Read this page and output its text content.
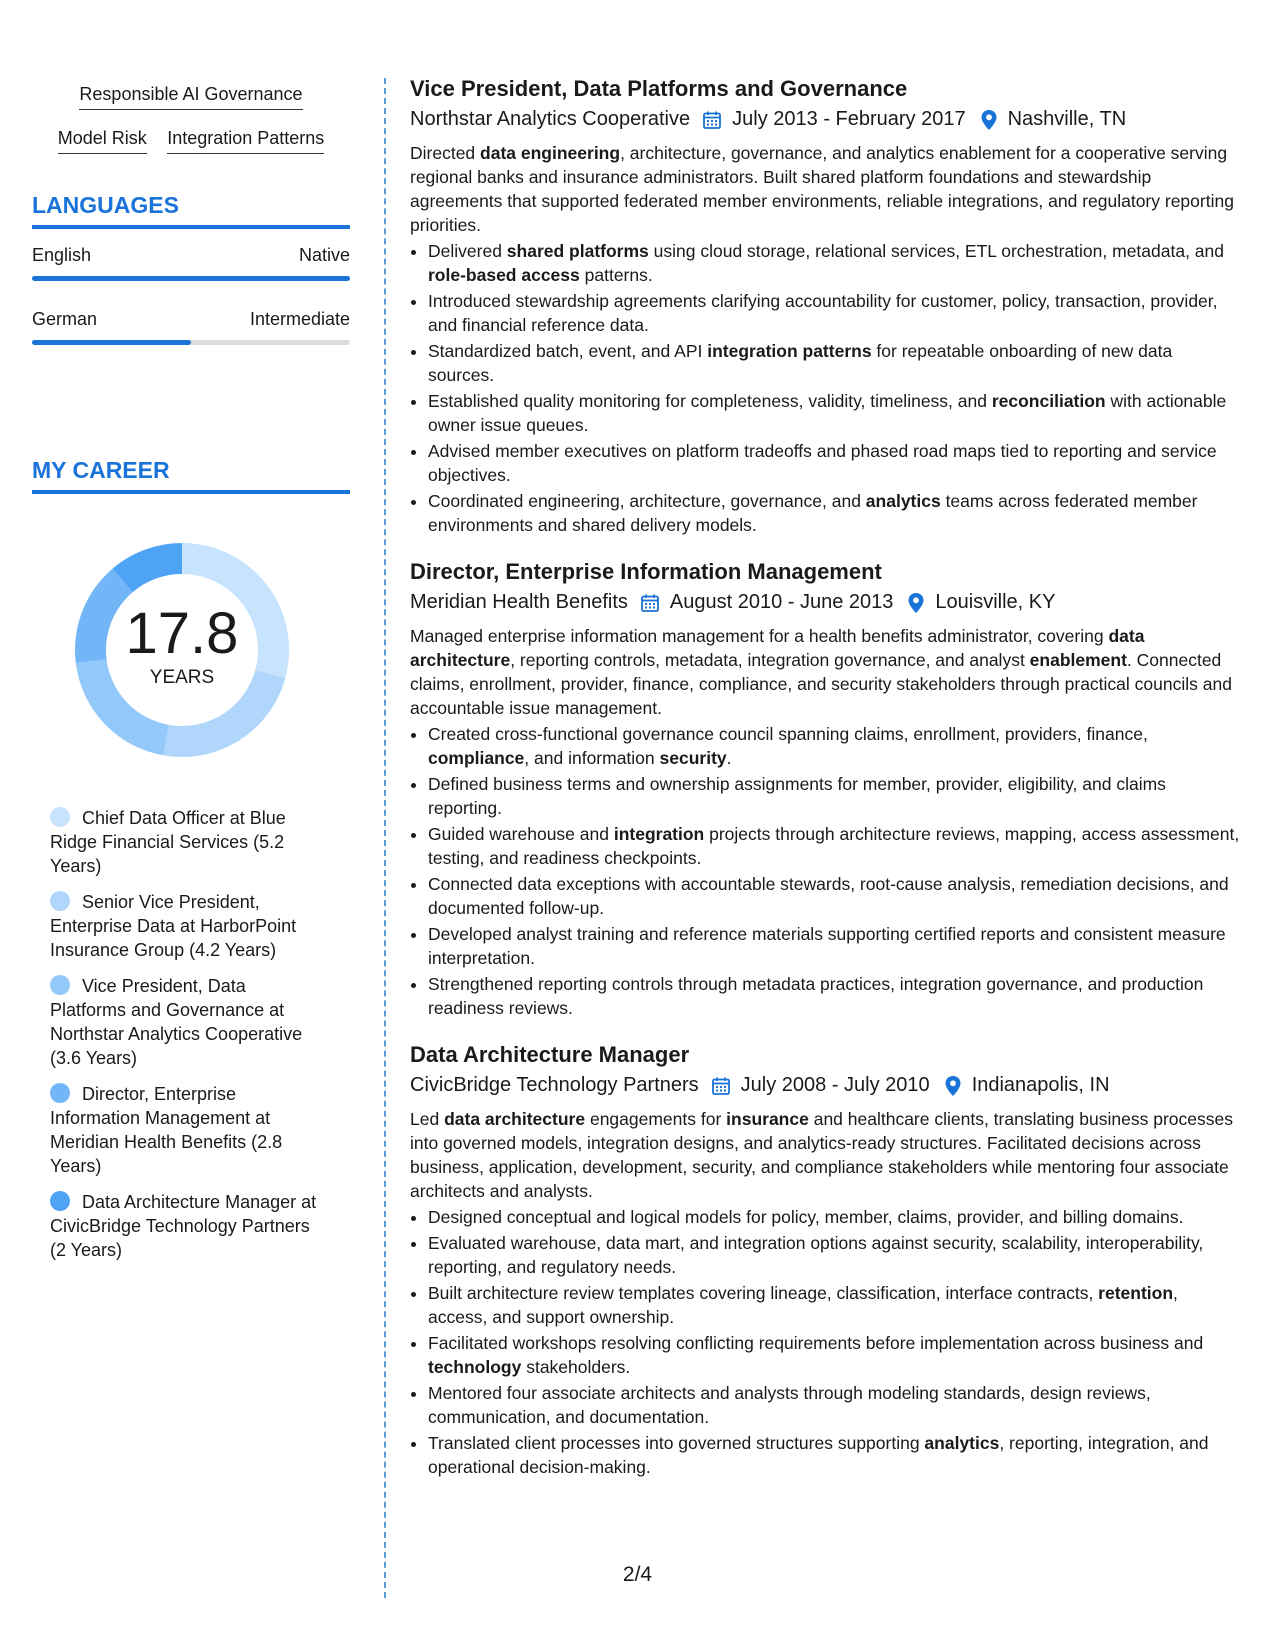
Responsible AI Governance
Model Risk Integration Patterns
LANGUAGES
English	Native
German	Intermediate
MY CAREER
17.8
YEARS
Chief Data Officer at Blue Ridge Financial Services (5.2 Years)
Senior Vice President, Enterprise Data at HarborPoint Insurance Group (4.2 Years)
Vice President, Data Platforms and Governance at Northstar Analytics Cooperative (3.6 Years)
Director, Enterprise Information Management at Meridian Health Benefits (2.8 Years)
Data Architecture Manager at CivicBridge Technology Partners (2 Years)
Vice President, Data Platforms and Governance
Northstar Analytics Cooperative July 2013 - February 2017 Nashville, TN

Directed data engineering, architecture, governance, and analytics enablement for a cooperative serving regional banks and insurance administrators. Built shared platform foundations and stewardship agreements that supported federated member environments, reliable integrations, and regulatory reporting priorities.

• Delivered shared platforms using cloud storage, relational services, ETL orchestration, metadata, and role-based access patterns.
• Introduced stewardship agreements clarifying accountability for customer, policy, transaction, provider, and financial reference data.
• Standardized batch, event, and API integration patterns for repeatable onboarding of new data sources.
• Established quality monitoring for completeness, validity, timeliness, and reconciliation with actionable owner issue queues.
• Advised member executives on platform tradeoffs and phased road maps tied to reporting and service objectives.
• Coordinated engineering, architecture, governance, and analytics teams across federated member environments and shared delivery models.
Director, Enterprise Information Management
Meridian Health Benefits August 2010 - June 2013 Louisville, KY

Managed enterprise information management for a health benefits administrator, covering data architecture, reporting controls, metadata, integration governance, and analyst enablement. Connected claims, enrollment, provider, finance, compliance, and security stakeholders through practical councils and accountable issue management.

• Created cross-functional governance council spanning claims, enrollment, providers, finance, compliance, and information security.
• Defined business terms and ownership assignments for member, provider, eligibility, and claims reporting.
• Guided warehouse and integration projects through architecture reviews, mapping, access assessment, testing, and readiness checkpoints.
• Connected data exceptions with accountable stewards, root-cause analysis, remediation decisions, and documented follow-up.
• Developed analyst training and reference materials supporting certified reports and consistent measure interpretation.
• Strengthened reporting controls through metadata practices, integration governance, and production readiness reviews.
Data Architecture Manager
CivicBridge Technology Partners July 2008 - July 2010 Indianapolis, IN

Led data architecture engagements for insurance and healthcare clients, translating business processes into governed models, integration designs, and analytics-ready structures. Facilitated decisions across business, application, development, security, and compliance stakeholders while mentoring four associate architects and analysts.

• Designed conceptual and logical models for policy, member, claims, provider, and billing domains.
• Evaluated warehouse, data mart, and integration options against security, scalability, interoperability, reporting, and regulatory needs.
• Built architecture review templates covering lineage, classification, interface contracts, retention, access, and support ownership.
• Facilitated workshops resolving conflicting requirements before implementation across business and technology stakeholders.
• Mentored four associate architects and analysts through modeling standards, design reviews, communication, and documentation.
• Translated client processes into governed structures supporting analytics, reporting, integration, and operational decision-making.
2/4
